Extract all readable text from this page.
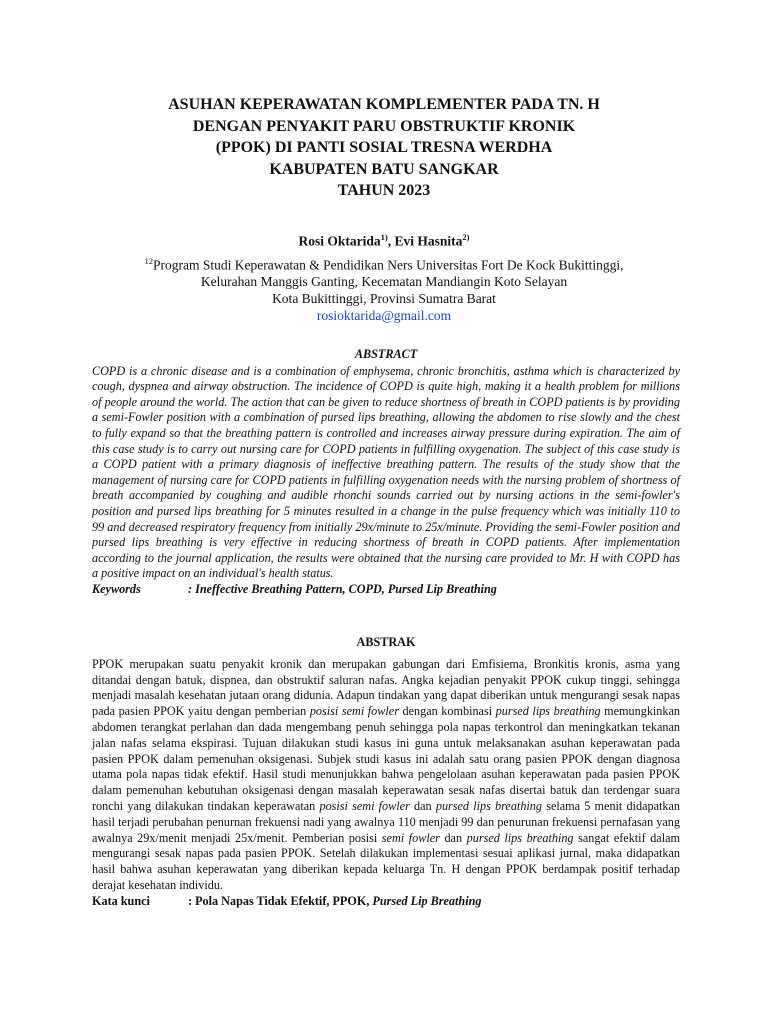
ASUHAN KEPERAWATAN KOMPLEMENTER PADA TN. H
DENGAN PENYAKIT PARU OBSTRUKTIF KRONIK
(PPOK) DI PANTI SOSIAL TRESNA WERDHA
KABUPATEN BATU SANGKAR
TAHUN 2023
Rosi Oktarida$^{1)}$, Evi Hasnita$^{2)}$
$^{12}$Program Studi Keperawatan & Pendidikan Ners Universitas Fort De Kock Bukittinggi,
Kelurahan Manggis Ganting, Kecematan Mandiangin Koto Selayan
Kota Bukittinggi, Provinsi Sumatra Barat
rosioktarida@gmail.com
ABSTRACT
COPD is a chronic disease and is a combination of emphysema, chronic bronchitis, asthma which is characterized by cough, dyspnea and airway obstruction. The incidence of COPD is quite high, making it a health problem for millions of people around the world. The action that can be given to reduce shortness of breath in COPD patients is by providing a semi-Fowler position with a combination of pursed lips breathing, allowing the abdomen to rise slowly and the chest to fully expand so that the breathing pattern is controlled and increases airway pressure during expiration. The aim of this case study is to carry out nursing care for COPD patients in fulfilling oxygenation. The subject of this case study is a COPD patient with a primary diagnosis of ineffective breathing pattern. The results of the study show that the management of nursing care for COPD patients in fulfilling oxygenation needs with the nursing problem of shortness of breath accompanied by coughing and audible rhonchi sounds carried out by nursing actions in the semi-fowler's position and pursed lips breathing for 5 minutes resulted in a change in the pulse frequency which was initially 110 to 99 and decreased respiratory frequency from initially 29x/minute to 25x/minute. Providing the semi-Fowler position and pursed lips breathing is very effective in reducing shortness of breath in COPD patients. After implementation according to the journal application, the results were obtained that the nursing care provided to Mr. H with COPD has a positive impact on an individual's health status.
Keywords	: Ineffective Breathing Pattern, COPD, Pursed Lip Breathing
ABSTRAK
PPOK merupakan suatu penyakit kronik dan merupakan gabungan dari Emfisiema, Bronkitis kronis, asma yang ditandai dengan batuk, dispnea, dan obstruktif saluran nafas. Angka kejadian penyakit PPOK cukup tinggi, sehingga menjadi masalah kesehatan jutaan orang didunia. Adapun tindakan yang dapat diberikan untuk mengurangi sesak napas pada pasien PPOK yaitu dengan pemberian posisi semi fowler dengan kombinasi pursed lips breathing memungkinkan abdomen terangkat perlahan dan dada mengembang penuh sehingga pola napas terkontrol dan meningkatkan tekanan jalan nafas selama ekspirasi. Tujuan dilakukan studi kasus ini guna untuk melaksanakan asuhan keperawatan pada pasien PPOK dalam pemenuhan oksigenasi. Subjek studi kasus ini adalah satu orang pasien PPOK dengan diagnosa utama pola napas tidak efektif. Hasil studi menunjukkan bahwa pengelolaan asuhan keperawatan pada pasien PPOK dalam pemenuhan kebutuhan oksigenasi dengan masalah keperawatan sesak nafas disertai batuk dan terdengar suara ronchi yang dilakukan tindakan keperawatan posisi semi fowler dan pursed lips breathing selama 5 menit didapatkan hasil terjadi perubahan penurnan frekuensi nadi yang awalnya 110 menjadi 99 dan penurunan frekuensi pernafasan yang awalnya 29x/menit menjadi 25x/menit. Pemberian posisi semi fowler dan pursed lips breathing sangat efektif dalam mengurangi sesak napas pada pasien PPOK. Setelah dilakukan implementasi sesuai aplikasi jurnal, maka didapatkan hasil bahwa asuhan keperawatan yang diberikan kepada keluarga Tn. H dengan PPOK berdampak positif terhadap derajat kesehatan individu.
Kata kunci	: Pola Napas Tidak Efektif, PPOK, Pursed Lip Breathing
